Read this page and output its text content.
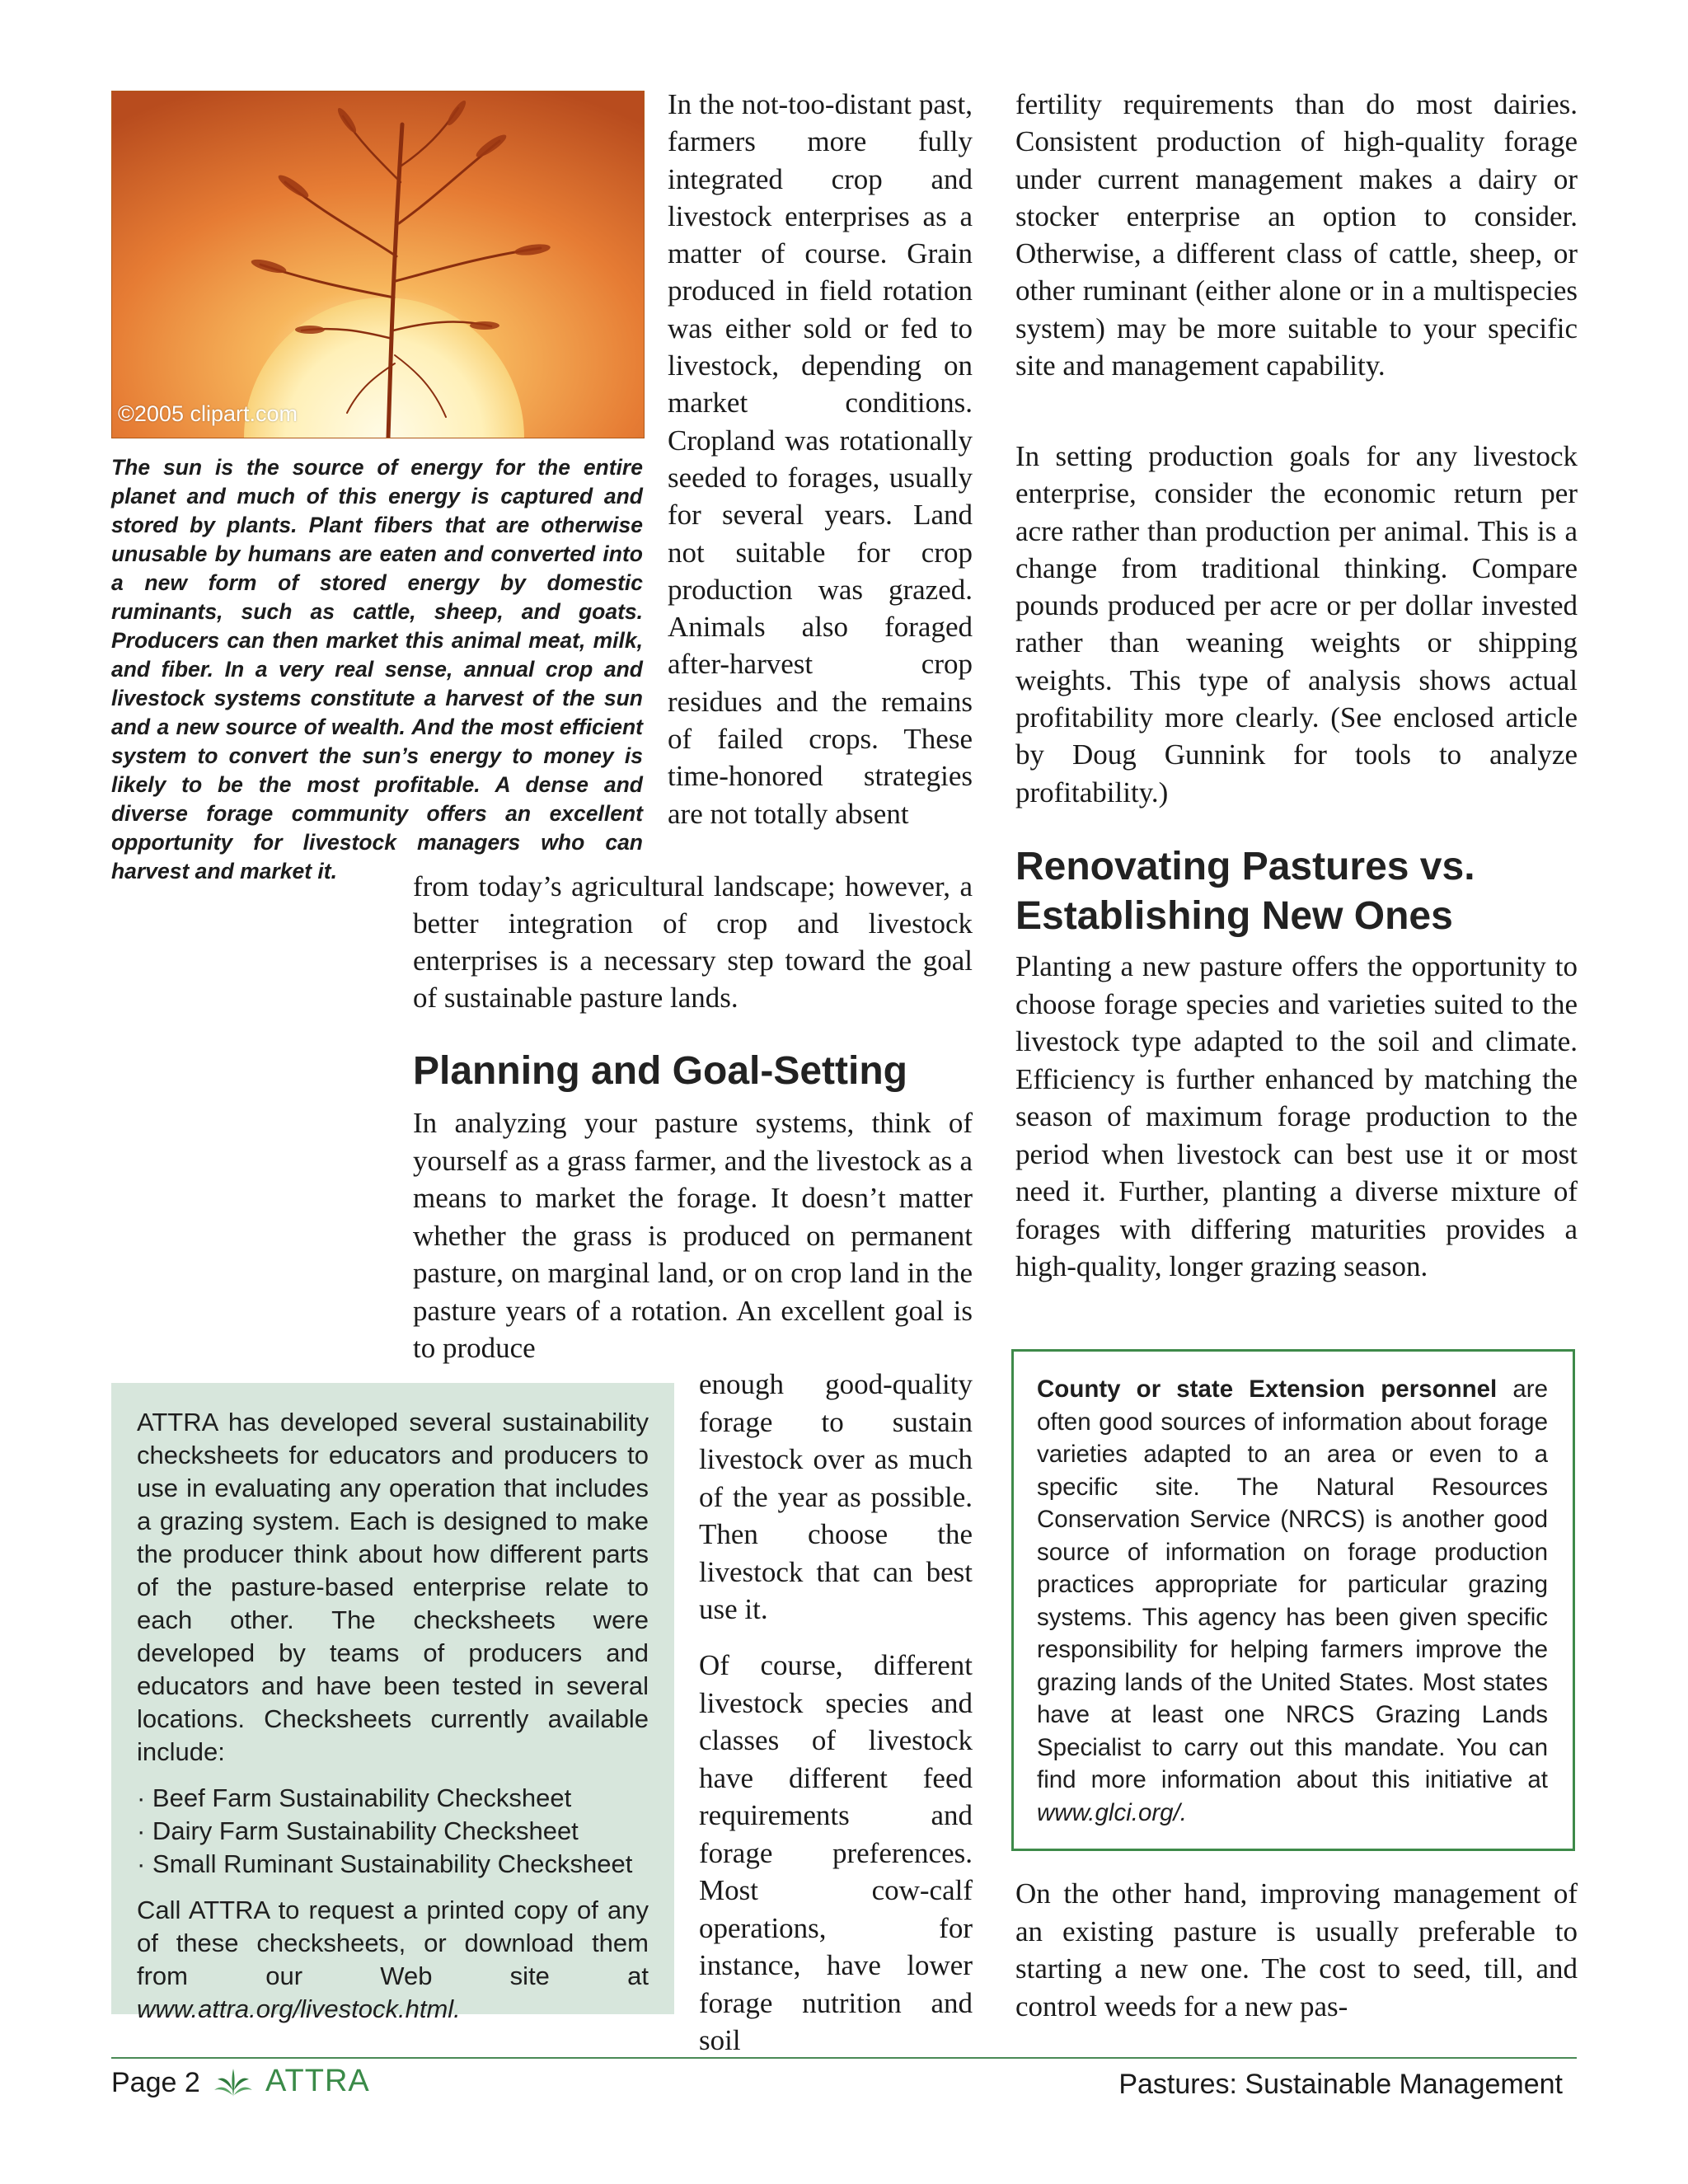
©2005 clipart.com

The sun is the source of energy for the entire planet and much of this energy is captured and stored by plants. Plant fibers that are otherwise unusable by humans are eaten and converted into a new form of stored energy by domestic ruminants, such as cattle, sheep, and goats. Producers can then market this animal meat, milk, and fiber. In a very real sense, annual crop and livestock systems constitute a harvest of the sun and a new source of wealth. And the most efficient system to convert the sun’s energy to money is likely to be the most profitable. A dense and diverse forage community offers an excellent opportunity for livestock managers who can harvest and market it.

In the not-too-distant past, farmers more fully integrated crop and livestock enterprises as a matter of course. Grain produced in field rotation was either sold or fed to livestock, depending on market conditions. Cropland was rotationally seeded to forages, usually for several years. Land not suitable for crop production was grazed. Animals also foraged after-harvest crop residues and the remains of failed crops. These time-honored strategies are not totally absent

from today’s agricultural landscape; however, a better integration of crop and livestock enterprises is a necessary step toward the goal of sustainable pasture lands.

Planning and Goal-Setting

In analyzing your pasture systems, think of yourself as a grass farmer, and the livestock as a means to market the forage. It doesn’t matter whether the grass is produced on permanent pasture, on marginal land, or on crop land in the pasture years of a rotation. An excellent goal is to produce

enough good-quality forage to sustain livestock over as much of the year as possible. Then choose the livestock that can best use it.

Of course, different livestock species and classes of livestock have different feed requirements and forage preferences. Most cow-calf operations, for instance, have lower forage nutrition and soil

ATTRA has developed several sustainability checksheets for educators and producers to use in evaluating any operation that includes a grazing system. Each is designed to make the producer think about how different parts of the pasture-based enterprise relate to each other. The checksheets were developed by teams of producers and educators and have been tested in several locations. Checksheets currently available include:

· Beef Farm Sustainability Checksheet
· Dairy Farm Sustainability Checksheet
· Small Ruminant Sustainability Checksheet

Call ATTRA to request a printed copy of any of these checksheets, or download them from our Web site at www.attra.org/livestock.html.

fertility requirements than do most dairies. Consistent production of high-quality forage under current management makes a dairy or stocker enterprise an option to consider. Otherwise, a different class of cattle, sheep, or other ruminant (either alone or in a multispecies system) may be more suitable to your specific site and management capability.

In setting production goals for any livestock enterprise, consider the economic return per acre rather than production per animal. This is a change from traditional thinking. Compare pounds produced per acre or per dollar invested rather than weaning weights or shipping weights. This type of analysis shows actual profitability more clearly. (See enclosed article by Doug Gunnink for tools to analyze profitability.)

Renovating Pastures vs. Establishing New Ones

Planting a new pasture offers the opportunity to choose forage species and varieties suited to the livestock type adapted to the soil and climate. Efficiency is further enhanced by matching the season of maximum forage production to the period when livestock can best use it or most need it. Further, planting a diverse mixture of forages with differing maturities provides a high-quality, longer grazing season.

County or state Extension personnel are often good sources of information about forage varieties adapted to an area or even to a specific site. The Natural Resources Conservation Service (NRCS) is another good source of information on forage production practices appropriate for particular grazing systems. This agency has been given specific responsibility for helping farmers improve the grazing lands of the United States. Most states have at least one NRCS Grazing Lands Specialist to carry out this mandate. You can find more information about this initiative at www.glci.org/.

On the other hand, improving management of an existing pasture is usually preferable to starting a new one. The cost to seed, till, and control weeds for a new pas-

Page 2 ATTRA	Pastures: Sustainable Management
